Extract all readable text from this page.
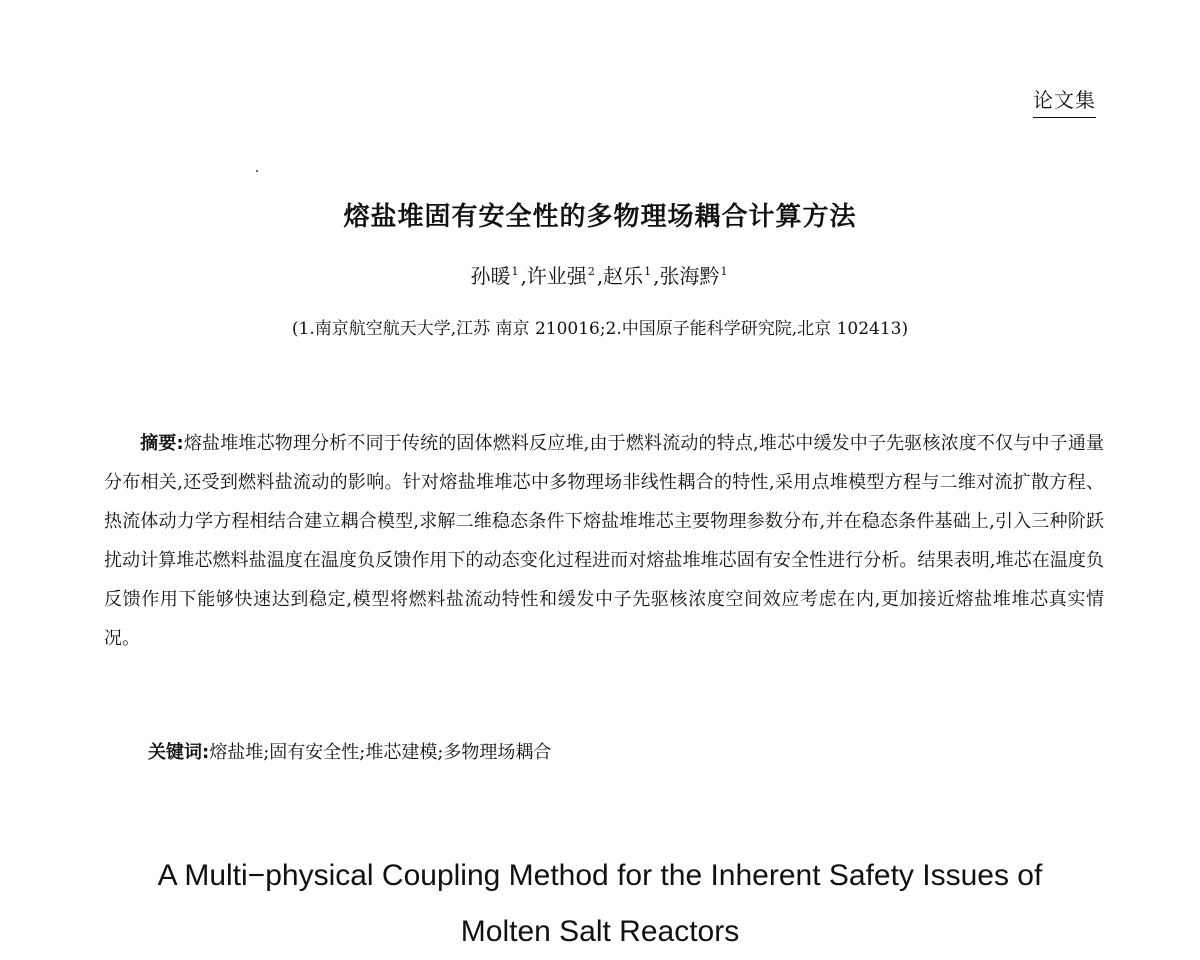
论文集
熔盐堆固有安全性的多物理场耦合计算方法
孙暖$^1$ ,许业强$^2$ ,赵乐$^1$ ,张海黔$^1$
(1.南京航空航天大学,江苏 南京 210016;2.中国原子能科学研究院,北京 102413)
摘要:熔盐堆堆芯物理分析不同于传统的固体燃料反应堆,由于燃料流动的特点,堆芯中缓发中子先驱核浓度不仅与中子通量分布相关,还受到燃料盐流动的影响。针对熔盐堆堆芯中多物理场非线性耦合的特性,采用点堆模型方程与二维对流扩散方程、热流体动力学方程相结合建立耦合模型,求解二维稳态条件下熔盐堆堆芯主要物理参数分布,并在稳态条件基础上,引入三种阶跃扰动计算堆芯燃料盐温度在温度负反馈作用下的动态变化过程进而对熔盐堆堆芯固有安全性进行分析。结果表明,堆芯在温度负反馈作用下能够快速达到稳定,模型将燃料盐流动特性和缓发中子先驱核浓度空间效应考虑在内,更加接近熔盐堆堆芯真实情况。
关键词:熔盐堆;固有安全性;堆芯建模;多物理场耦合
A Multi−physical Coupling Method for the Inherent Safety Issues of
Molten Salt Reactors
